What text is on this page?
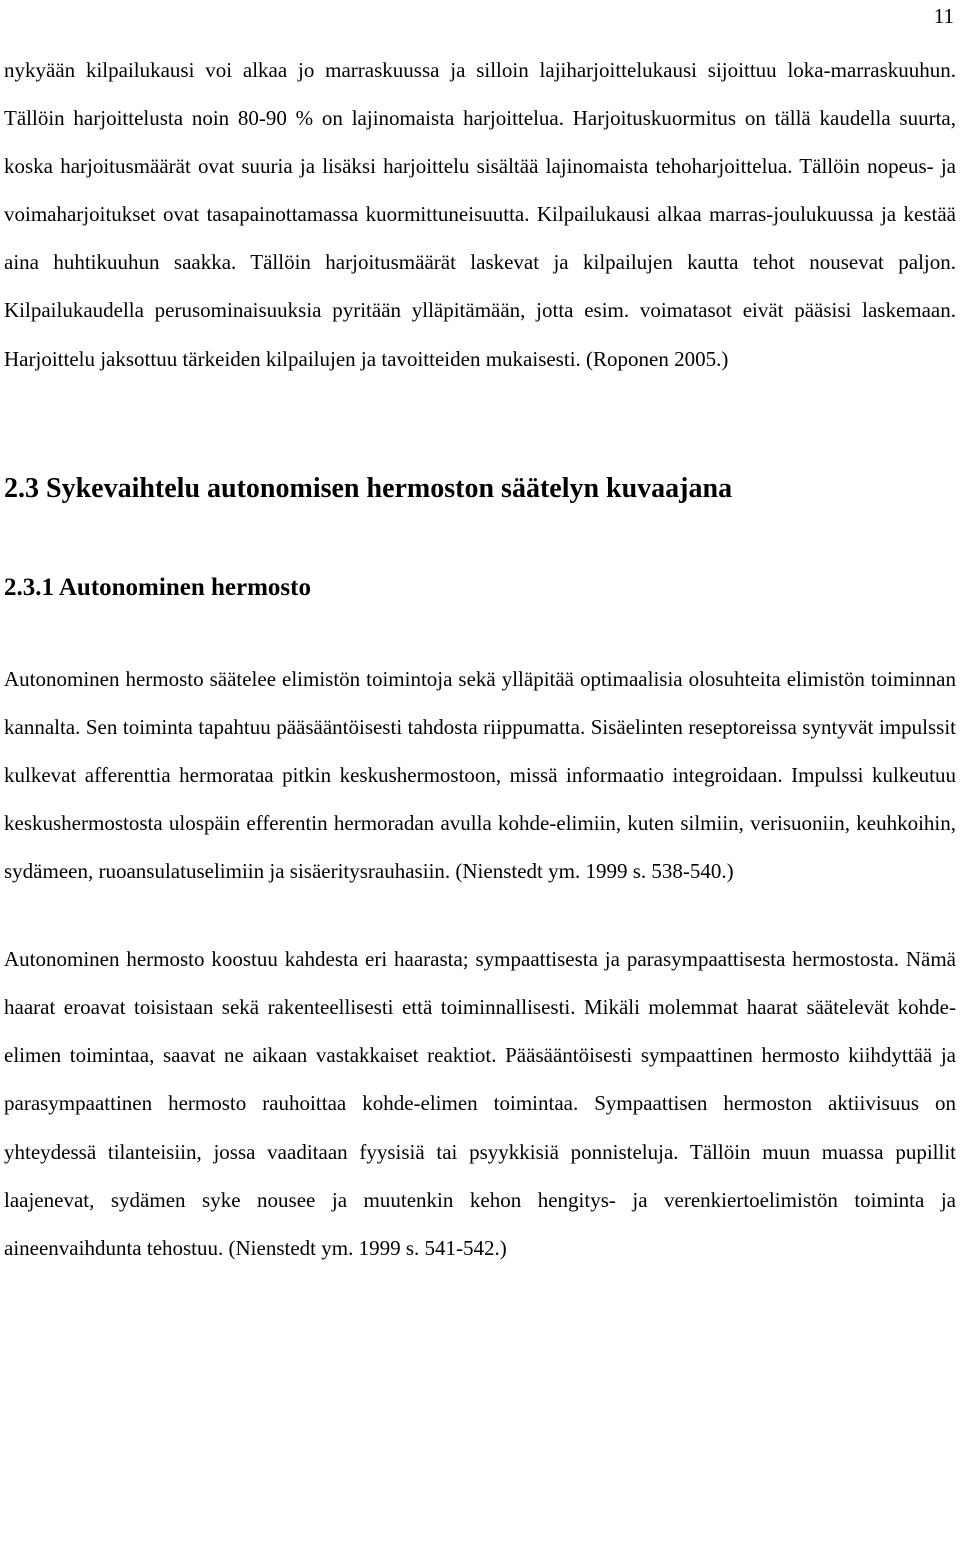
11

nykyään kilpailukausi voi alkaa jo marraskuussa ja silloin lajiharjoittelukausi sijoittuu loka-marraskuuhun. Tällöin harjoittelusta noin 80-90 % on lajinomaista harjoittelua. Harjoituskuormitus on tällä kaudella suurta, koska harjoitusmäärät ovat suuria ja lisäksi harjoittelu sisältää lajinomaista tehoharjoittelua. Tällöin nopeus- ja voimaharjoitukset ovat tasapainottamassa kuormittuneisuutta. Kilpailukausi alkaa marras-joulukuussa ja kestää aina huhtikuuhun saakka. Tällöin harjoitusmäärät laskevat ja kilpailujen kautta tehot nousevat paljon. Kilpailukaudella perusominaisuuksia pyritään ylläpitämään, jotta esim. voimatasot eivät pääsisi laskemaan. Harjoittelu jaksottuu tärkeiden kilpailujen ja tavoitteiden mukaisesti. (Roponen 2005.)

2.3 Sykevaihtelu autonomisen hermoston säätelyn kuvaajana
2.3.1 Autonominen hermosto

Autonominen hermosto säätelee elimistön toimintoja sekä ylläpitää optimaalisia olosuhteita elimistön toiminnan kannalta. Sen toiminta tapahtuu pääsääntöisesti tahdosta riippumatta. Sisäelinten reseptoreissa syntyvät impulssit kulkevat afferenttia hermorataa pitkin keskushermostoon, missä informaatio integroidaan. Impulssi kulkeutuu keskushermostosta ulospäin efferentin hermoradan avulla kohde-elimiin, kuten silmiin, verisuoniin, keuhkoihin, sydämeen, ruoansulatuselimiin ja sisäeritysrauhasiin. (Nienstedt ym. 1999 s. 538-540.)

Autonominen hermosto koostuu kahdesta eri haarasta; sympaattisesta ja parasympaattisesta hermostosta. Nämä haarat eroavat toisistaan sekä rakenteellisesti että toiminnallisesti. Mikäli molemmat haarat säätelevät kohde-elimen toimintaa, saavat ne aikaan vastakkaiset reaktiot. Pääsääntöisesti sympaattinen hermosto kiihdyttää ja parasympaattinen hermosto rauhoittaa kohde-elimen toimintaa. Sympaattisen hermoston aktiivisuus on yhteydessä tilanteisiin, jossa vaaditaan fyysisiä tai psyykkisiä ponnisteluja. Tällöin muun muassa pupillit laajenevat, sydämen syke nousee ja muutenkin kehon hengitys- ja verenkiertoelimistön toiminta ja aineenvaihdunta tehostuu. (Nienstedt ym. 1999 s. 541-542.)
